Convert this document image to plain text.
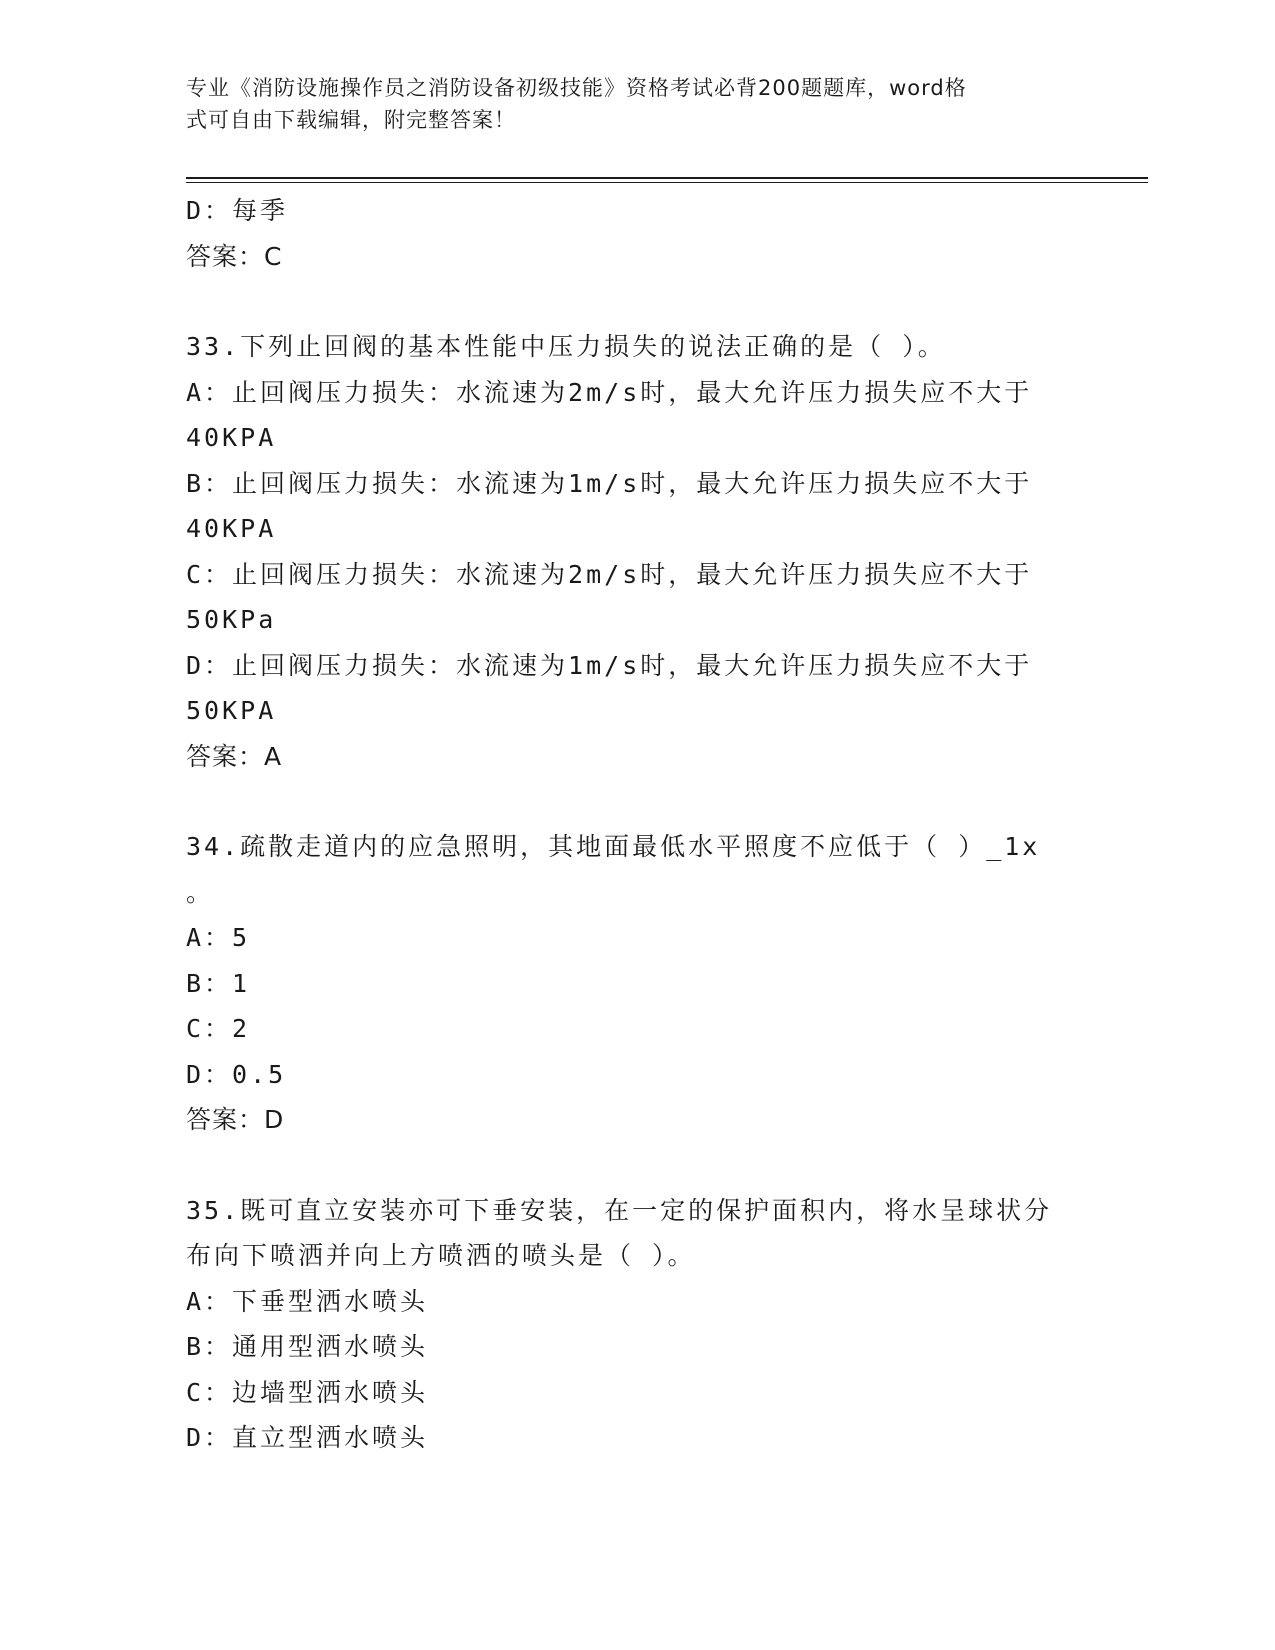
专业《消防设施操作员之消防设备初级技能》资格考试必背200题题库，word格
式可自由下载编辑，附完整答案！
D：每季
答案：C
33.下列止回阀的基本性能中压力损失的说法正确的是（ ）。
A：止回阀压力损失：水流速为2m/s时，最大允许压力损失应不大于
40KPA
B：止回阀压力损失：水流速为1m/s时，最大允许压力损失应不大于
40KPA
C：止回阀压力损失：水流速为2m/s时，最大允许压力损失应不大于
50KPa
D：止回阀压力损失：水流速为1m/s时，最大允许压力损失应不大于
50KPA
答案：A
34.疏散走道内的应急照明，其地面最低水平照度不应低于（ ）_1x
。
A：5
B：1
C：2
D：0.5
答案：D
35.既可直立安装亦可下垂安装，在一定的保护面积内，将水呈球状分
布向下喷洒并向上方喷洒的喷头是（ ）。
A：下垂型洒水喷头
B：通用型洒水喷头
C：边墙型洒水喷头
D：直立型洒水喷头
